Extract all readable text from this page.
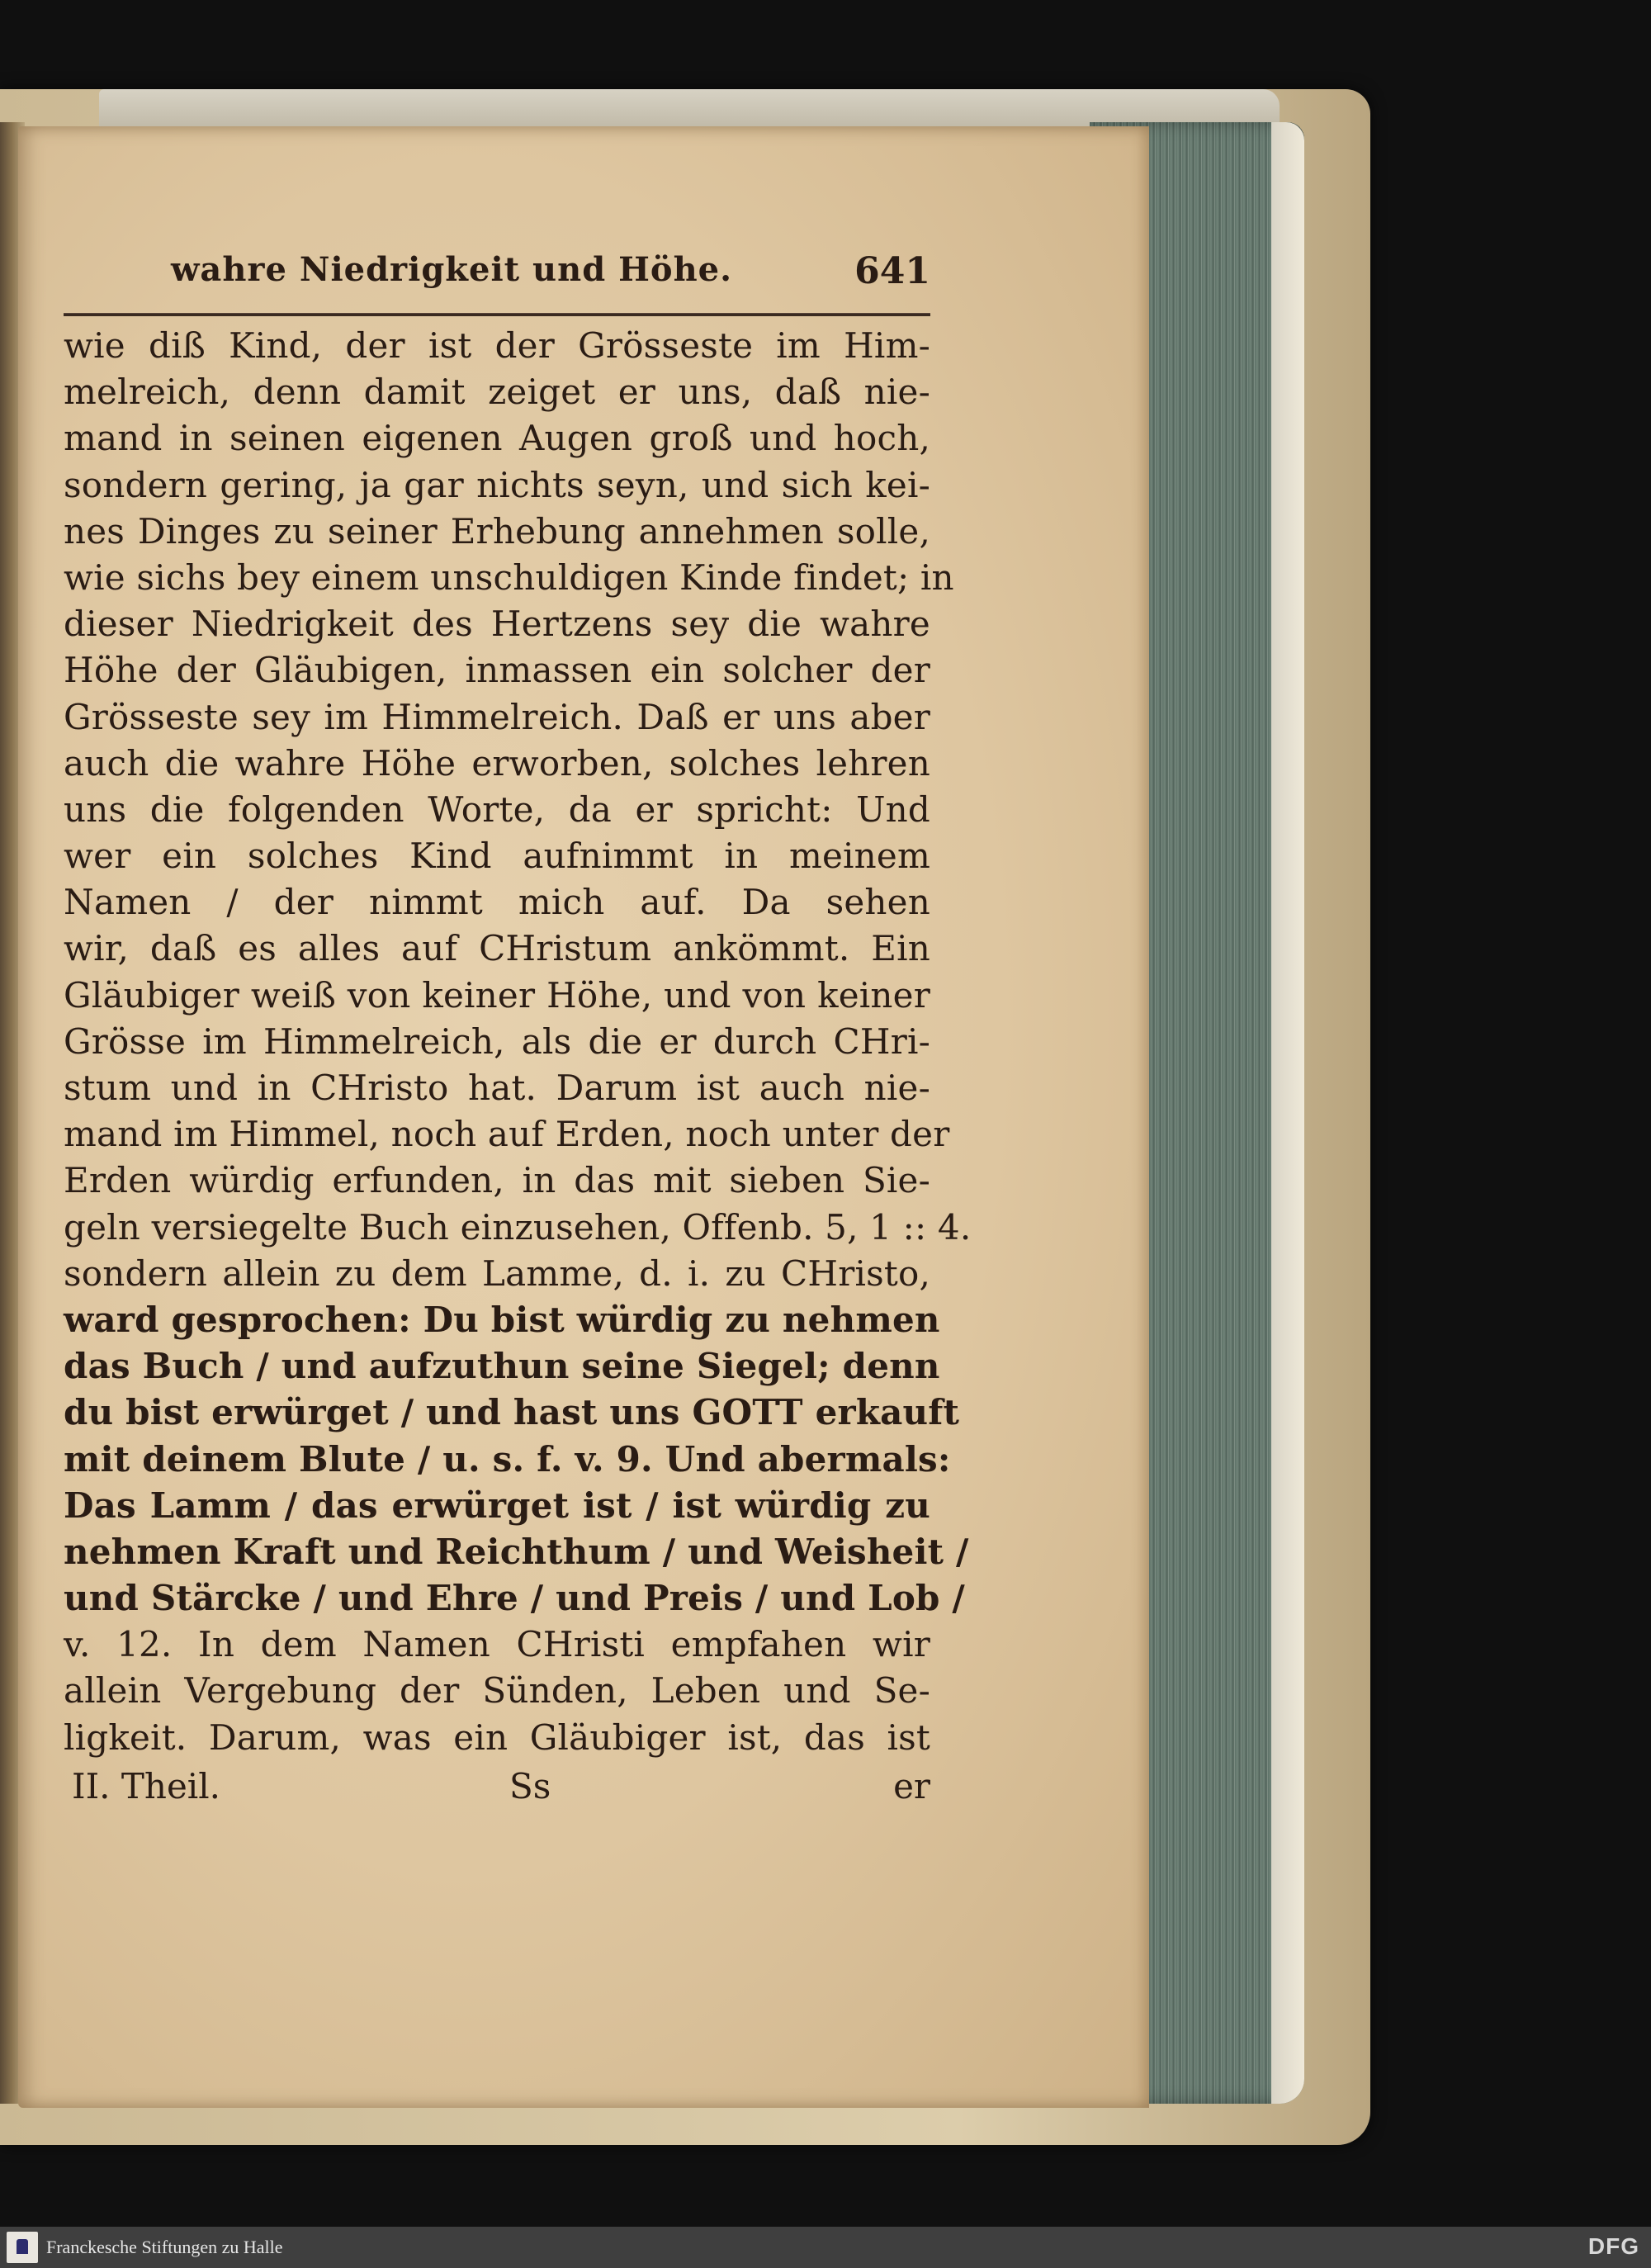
wahre Niedrigkeit und Höhe.	641
wie diß Kind, der ist der Grösseste im Him-
melreich, denn damit zeiget er uns, daß nie-
mand in seinen eigenen Augen groß und hoch,
sondern gering, ja gar nichts seyn, und sich kei-
nes Dinges zu seiner Erhebung annehmen solle,
wie sichs bey einem unschuldigen Kinde findet; in
dieser Niedrigkeit des Hertzens sey die wahre
Höhe der Gläubigen, inmassen ein solcher der
Grösseste sey im Himmelreich. Daß er uns aber
auch die wahre Höhe erworben, solches lehren
uns die folgenden Worte, da er spricht: Und
wer ein solches Kind aufnimmt in meinem
Namen / der nimmt mich auf. Da sehen
wir, daß es alles auf CHristum ankömmt. Ein
Gläubiger weiß von keiner Höhe, und von keiner
Grösse im Himmelreich, als die er durch CHri-
stum und in CHristo hat. Darum ist auch nie-
mand im Himmel, noch auf Erden, noch unter der
Erden würdig erfunden, in das mit sieben Sie-
geln versiegelte Buch einzusehen, Offenb. 5, 1 :: 4.
sondern allein zu dem Lamme, d. i. zu CHristo,
ward gesprochen: Du bist würdig zu nehmen
das Buch / und aufzuthun seine Siegel; denn
du bist erwürget / und hast uns GOTT erkauft
mit deinem Blute / u. s. f. v. 9. Und abermals:
Das Lamm / das erwürget ist / ist würdig zu
nehmen Kraft und Reichthum / und Weisheit /
und Stärcke / und Ehre / und Preis / und Lob /
v. 12. In dem Namen CHristi empfahen wir
allein Vergebung der Sünden, Leben und Se-
ligkeit. Darum, was ein Gläubiger ist, das ist
II. Theil.	Ss	er
Franckesche Stiftungen zu Halle	DFG
